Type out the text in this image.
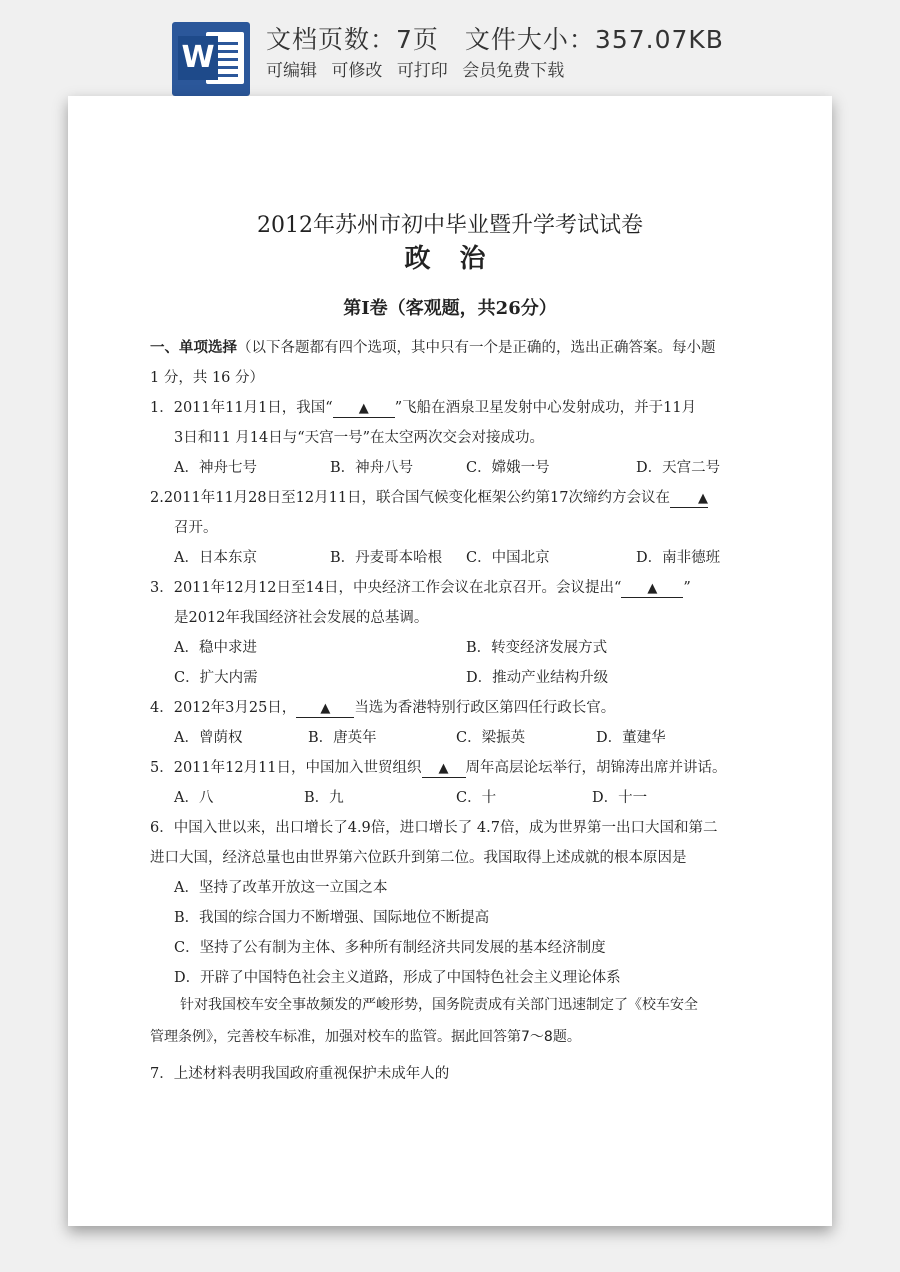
W
文档页数：7页 文件大小：357.07KB
可编辑 可修改 可打印 会员免费下载
2012年苏州市初中毕业暨升学考试试卷
政 治
第I卷（客观题，共26分）
一、单项选择（以下各题都有四个选项，其中只有一个是正确的，选出正确答案。每小题
1 分，共 16 分）
1．2011年11月1日，我国“ ▲ ”飞船在酒泉卫星发射中心发射成功，并于11月
3日和11 月14日与“天宫一号”在太空两次交会对接成功。
A．神舟七号	B．神舟八号	C．嫦娥一号	D．天宫二号
2.2011年11月28日至12月11日，联合国气候变化框架公约第17次缔约方会议在 ▲
召开。
A．日本东京	B．丹麦哥本哈根 C．中国北京	D．南非德班
3．2011年12月12日至14日，中央经济工作会议在北京召开。会议提出“ ▲ ”
是2012年我国经济社会发展的总基调。
A．稳中求进	B．转变经济发展方式
C．扩大内需	D．推动产业结构升级
4．2012年3月25日， ▲ 当选为香港特别行政区第四任行政长官。
A．曾荫权	B．唐英年	C．梁振英	D．董建华
5．2011年12月11日，中国加入世贸组织 ▲ 周年高层论坛举行，胡锦涛出席并讲话。
A．八	B．九	C．十	D．十一
6．中国入世以来，出口增长了4.9倍，进口增长了 4.7倍，成为世界第一出口大国和第二
进口大国，经济总量也由世界第六位跃升到第二位。我国取得上述成就的根本原因是
A．坚持了改革开放这一立国之本
B．我国的综合国力不断增强、国际地位不断提高
C．坚持了公有制为主体、多种所有制经济共同发展的基本经济制度
D．开辟了中国特色社会主义道路，形成了中国特色社会主义理论体系
针对我国校车安全事故频发的严峻形势，国务院责成有关部门迅速制定了《校车安全
管理条例》，完善校车标准，加强对校车的监管。据此回答第7～8题。
7．上述材料表明我国政府重视保护未成年人的
